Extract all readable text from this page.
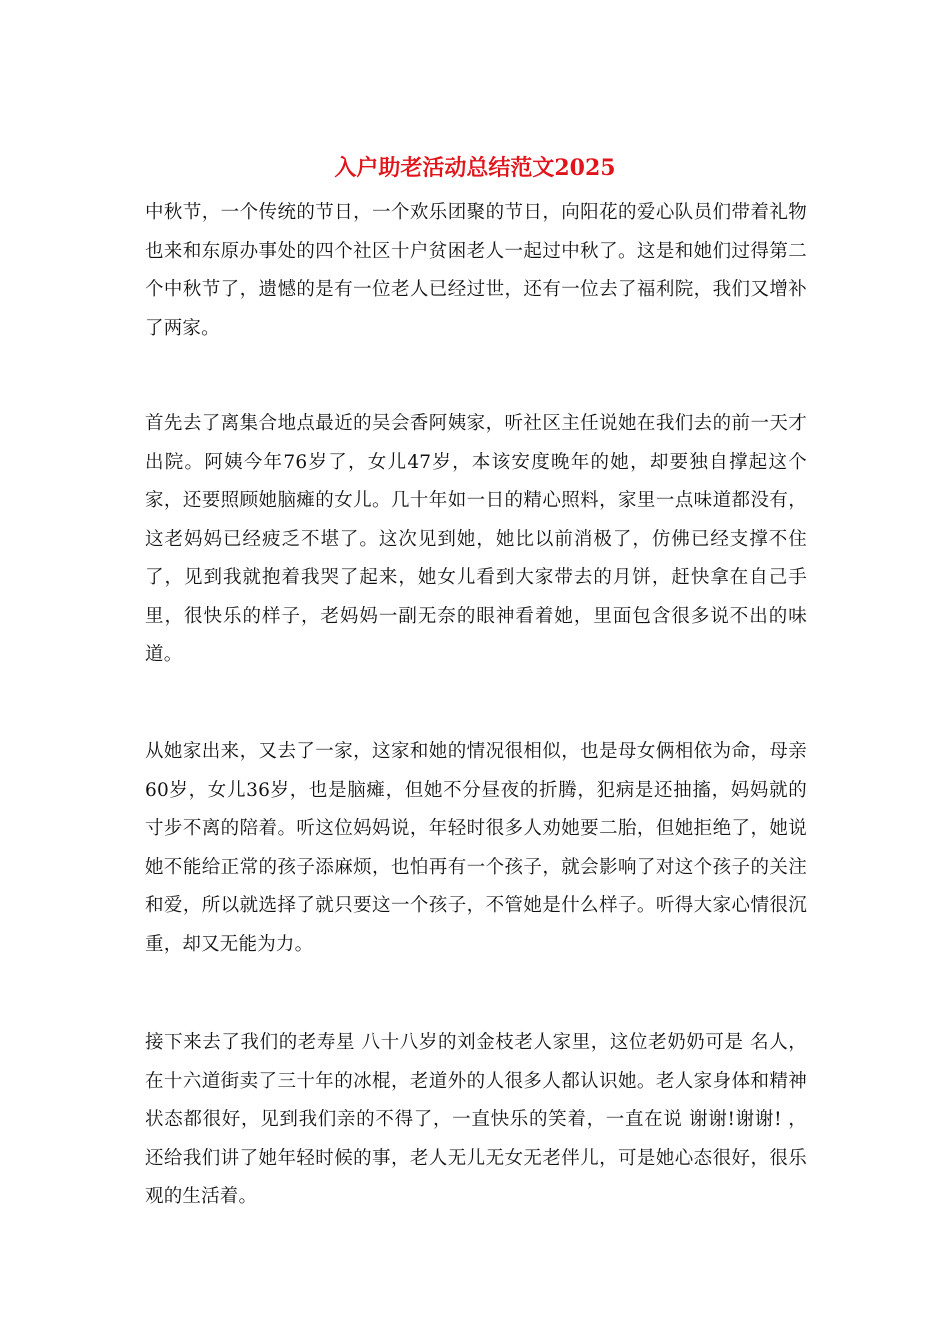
入户助老活动总结范文2025

中秋节，一个传统的节日，一个欢乐团聚的节日，向阳花的爱心队员们带着礼物也来和东原办事处的四个社区十户贫困老人一起过中秋了。这是和她们过得第二个中秋节了，遗憾的是有一位老人已经过世，还有一位去了福利院，我们又增补了两家。

首先去了离集合地点最近的吴会香阿姨家，听社区主任说她在我们去的前一天才出院。阿姨今年76岁了，女儿47岁，本该安度晚年的她，却要独自撑起这个家，还要照顾她脑瘫的女儿。几十年如一日的精心照料，家里一点味道都没有，这老妈妈已经疲乏不堪了。这次见到她，她比以前消极了，仿佛已经支撑不住了，见到我就抱着我哭了起来，她女儿看到大家带去的月饼，赶快拿在自己手里，很快乐的样子，老妈妈一副无奈的眼神看着她，里面包含很多说不出的味道。

从她家出来，又去了一家，这家和她的情况很相似，也是母女俩相依为命，母亲60岁，女儿36岁，也是脑瘫，但她不分昼夜的折腾，犯病是还抽搐，妈妈就的寸步不离的陪着。听这位妈妈说，年轻时很多人劝她要二胎，但她拒绝了，她说她不能给正常的孩子添麻烦，也怕再有一个孩子，就会影响了对这个孩子的关注和爱，所以就选择了就只要这一个孩子，不管她是什么样子。听得大家心情很沉重，却又无能为力。

接下来去了我们的老寿星 八十八岁的刘金枝老人家里，这位老奶奶可是 名人，在十六道街卖了三十年的冰棍，老道外的人很多人都认识她。老人家身体和精神状态都很好，见到我们亲的不得了，一直快乐的笑着，一直在说 谢谢!谢谢! ，还给我们讲了她年轻时候的事，老人无儿无女无老伴儿，可是她心态很好，很乐观的生活着。
